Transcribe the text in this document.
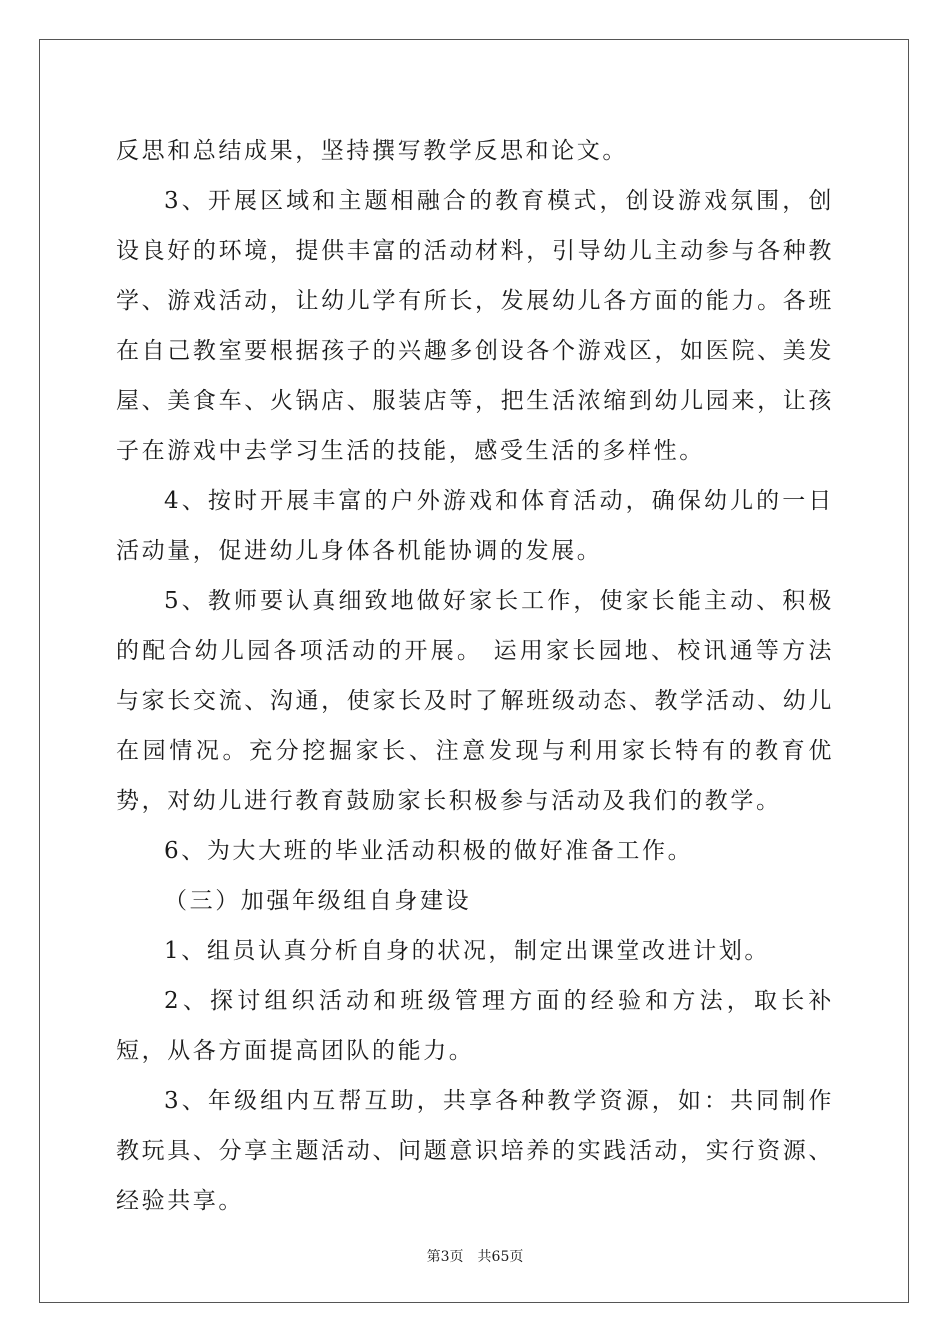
反思和总结成果，坚持撰写教学反思和论文。

3、开展区域和主题相融合的教育模式，创设游戏氛围，创设良好的环境，提供丰富的活动材料，引导幼儿主动参与各种教学、游戏活动，让幼儿学有所长，发展幼儿各方面的能力。各班在自己教室要根据孩子的兴趣多创设各个游戏区，如医院、美发屋、美食车、火锅店、服装店等，把生活浓缩到幼儿园来，让孩子在游戏中去学习生活的技能，感受生活的多样性。

4、按时开展丰富的户外游戏和体育活动，确保幼儿的一日活动量，促进幼儿身体各机能协调的发展。

5、教师要认真细致地做好家长工作，使家长能主动、积极的配合幼儿园各项活动的开展。 运用家长园地、校讯通等方法与家长交流、沟通，使家长及时了解班级动态、教学活动、幼儿在园情况。充分挖掘家长、注意发现与利用家长特有的教育优势，对幼儿进行教育鼓励家长积极参与活动及我们的教学。

6、为大大班的毕业活动积极的做好准备工作。

（三）加强年级组自身建设

1、组员认真分析自身的状况，制定出课堂改进计划。

2、探讨组织活动和班级管理方面的经验和方法，取长补短，从各方面提高团队的能力。

3、年级组内互帮互助，共享各种教学资源，如：共同制作教玩具、分享主题活动、问题意识培养的实践活动，实行资源、经验共享。

第3页 共65页
